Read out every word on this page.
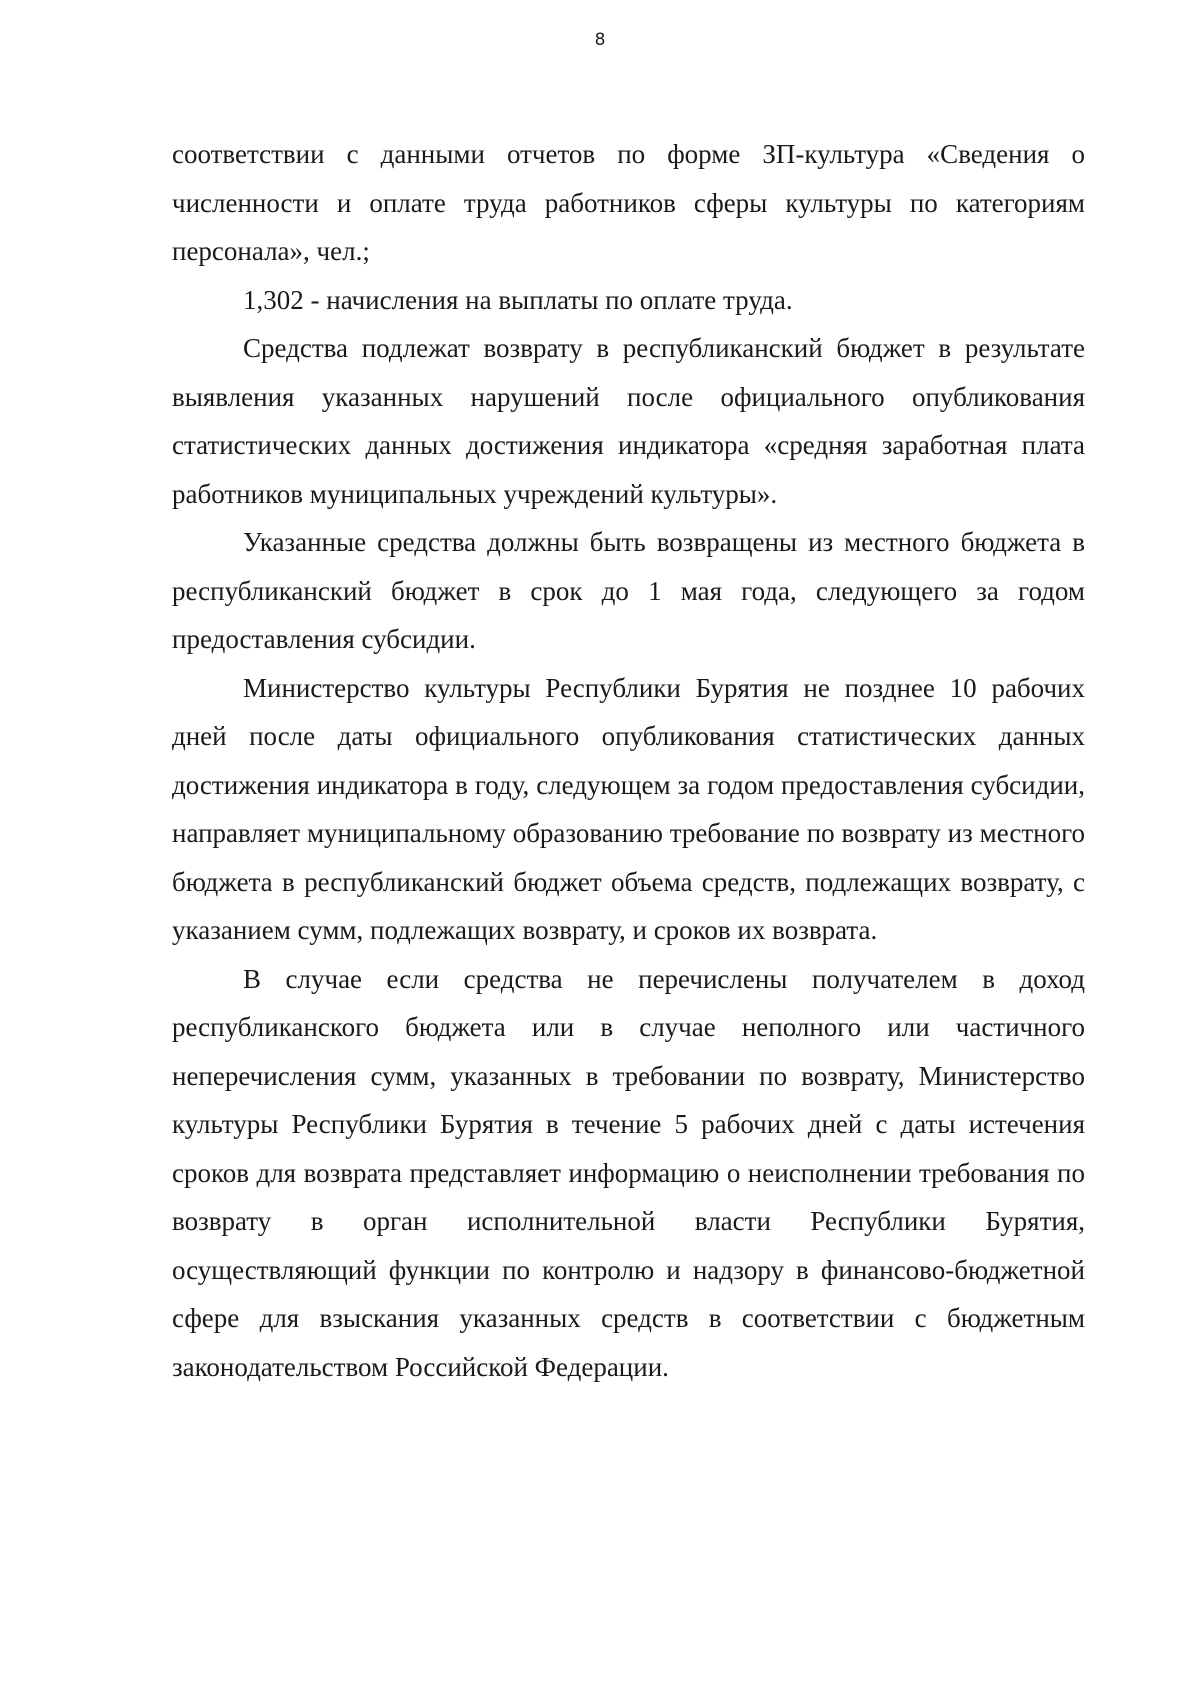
8

соответствии с данными отчетов по форме ЗП-культура «Сведения о численности и оплате труда работников сферы культуры по категориям персонала», чел.;

1,302 - начисления на выплаты по оплате труда.

Средства подлежат возврату в республиканский бюджет в результате выявления указанных нарушений после официального опубликования статистических данных достижения индикатора «средняя заработная плата работников муниципальных учреждений культуры».

Указанные средства должны быть возвращены из местного бюджета в республиканский бюджет в срок до 1 мая года, следующего за годом предоставления субсидии.

Министерство культуры Республики Бурятия не позднее 10 рабочих дней после даты официального опубликования статистических данных достижения индикатора в году, следующем за годом предоставления субсидии, направляет муниципальному образованию требование по возврату из местного бюджета в республиканский бюджет объема средств, подлежащих возврату, с указанием сумм, подлежащих возврату, и сроков их возврата.

В случае если средства не перечислены получателем в доход республиканского бюджета или в случае неполного или частичного неперечисления сумм, указанных в требовании по возврату, Министерство культуры Республики Бурятия в течение 5 рабочих дней с даты истечения сроков для возврата представляет информацию о неисполнении требования по возврату в орган исполнительной власти Республики Бурятия, осуществляющий функции по контролю и надзору в финансово-бюджетной сфере для взыскания указанных средств в соответствии с бюджетным законодательством Российской Федерации.
